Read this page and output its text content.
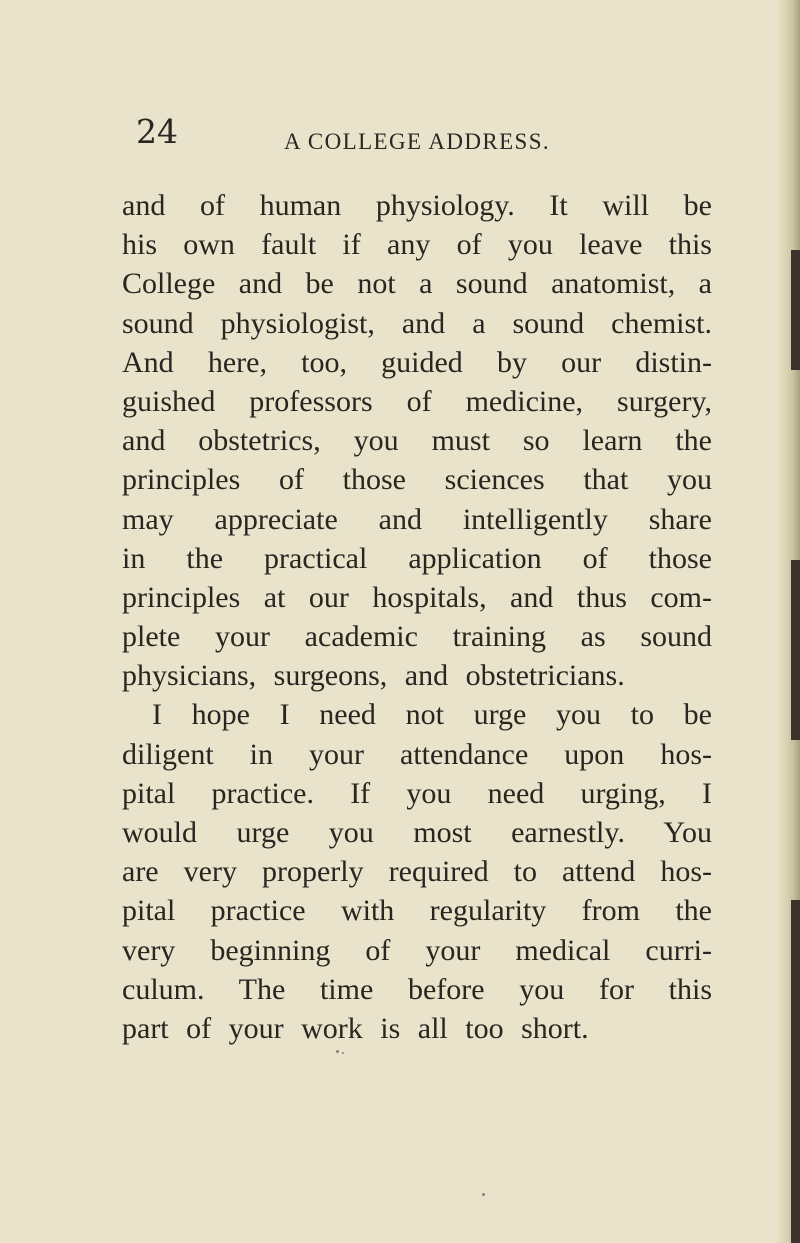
24	A COLLEGE ADDRESS.
and of human physiology. It will be
his own fault if any of you leave this
College and be not a sound anatomist, a
sound physiologist, and a sound chemist.
And here, too, guided by our distin-
guished professors of medicine, surgery,
and obstetrics, you must so learn the
principles of those sciences that you
may appreciate and intelligently share
in the practical application of those
principles at our hospitals, and thus com-
plete your academic training as sound
physicians, surgeons, and obstetricians.
I hope I need not urge you to be
diligent in your attendance upon hos-
pital practice. If you need urging, I
would urge you most earnestly. You
are very properly required to attend hos-
pital practice with regularity from the
very beginning of your medical curri-
culum. The time before you for this
part of your work is all too short.
